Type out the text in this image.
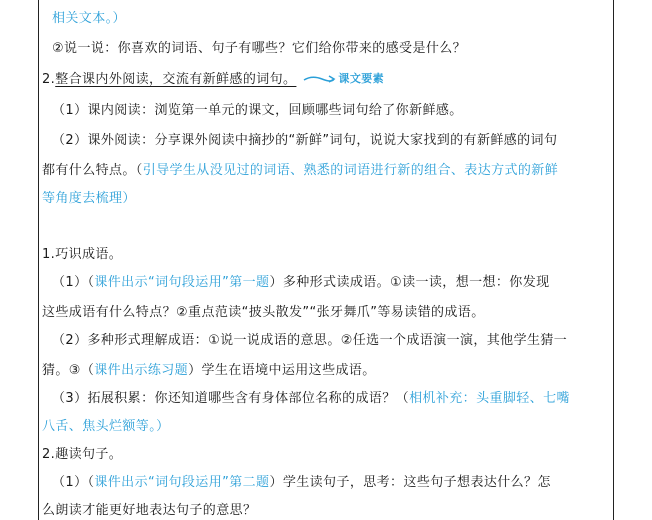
相关文本。）
②说一说：你喜欢的词语、句子有哪些？它们给你带来的感受是什么？
2.整合课内外阅读，交流有新鲜感的词句。	课文要素
（1）课内阅读：浏览第一单元的课文，回顾哪些词句给了你新鲜感。
（2）课外阅读：分享课外阅读中摘抄的“新鲜”词句，说说大家找到的有新鲜感的词句
都有什么特点。（引导学生从没见过的词语、熟悉的词语进行新的组合、表达方式的新鲜
等角度去梳理）
1.巧识成语。
（1）（课件出示“词句段运用”第一题）多种形式读成语。①读一读，想一想：你发现
这些成语有什么特点？②重点范读“披头散发”“张牙舞爪”等易读错的成语。
（2）多种形式理解成语：①说一说成语的意思。②任选一个成语演一演，其他学生猜一
猜。③（课件出示练习题）学生在语境中运用这些成语。
（3）拓展积累：你还知道哪些含有身体部位名称的成语？（相机补充：头重脚轻、七嘴
八舌、焦头烂额等。）
2.趣读句子。
（1）（课件出示“词句段运用”第二题）学生读句子，思考：这些句子想表达什么？怎
么朗读才能更好地表达句子的意思？
